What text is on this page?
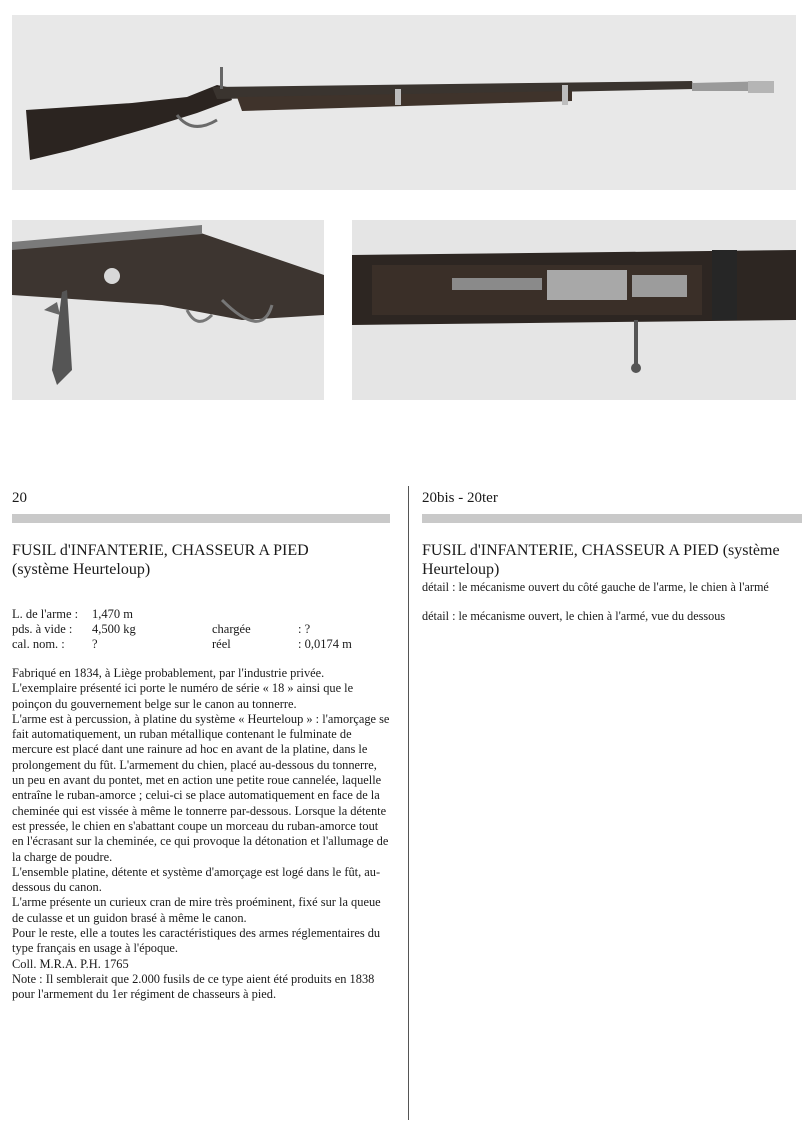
20
FUSIL d'INFANTERIE, CHASSEUR A PIED
(système Heurteloup)
L. de l'arme :	1,470 m
pds. à vide :	4,500 kg	chargée	: ?
cal. nom. :	?	réel	: 0,0174 m

Fabriqué en 1834, à Liège probablement, par l'industrie privée. L'exemplaire présenté ici porte le numéro de série « 18 » ainsi que le poinçon du gouvernement belge sur le canon au tonnerre.

L'arme est à percussion, à platine du système « Heurteloup » : l'amorçage se fait automatiquement, un ruban métallique contenant le fulminate de mercure est placé dant une rainure ad hoc en avant de la platine, dans le prolongement du fût. L'armement du chien, placé au-dessous du tonnerre, un peu en avant du pontet, met en action une petite roue cannelée, laquelle entraîne le ruban-amorce ; celui-ci se place automatiquement en face de la cheminée qui est vissée à même le tonnerre par-dessous. Lorsque la détente est pressée, le chien en s'abattant coupe un morceau du ruban-amorce tout en l'écrasant sur la cheminée, ce qui provoque la détonation et l'allumage de la charge de poudre.

L'ensemble platine, détente et système d'amorçage est logé dans le fût, au-dessous du canon.

L'arme présente un curieux cran de mire très proéminent, fixé sur la queue de culasse et un guidon brasé à même le canon.

Pour le reste, elle a toutes les caractéristiques des armes réglementaires du type français en usage à l'époque.

Coll. M.R.A. P.H. 1765

Note : Il semblerait que 2.000 fusils de ce type aient été produits en 1838 pour l'armement du 1er régiment de chasseurs à pied.

20bis - 20ter
FUSIL d'INFANTERIE, CHASSEUR A PIED (système
Heurteloup)

détail : le mécanisme ouvert du côté gauche de l'arme, le chien à l'armé

détail : le mécanisme ouvert, le chien à l'armé, vue du dessous
